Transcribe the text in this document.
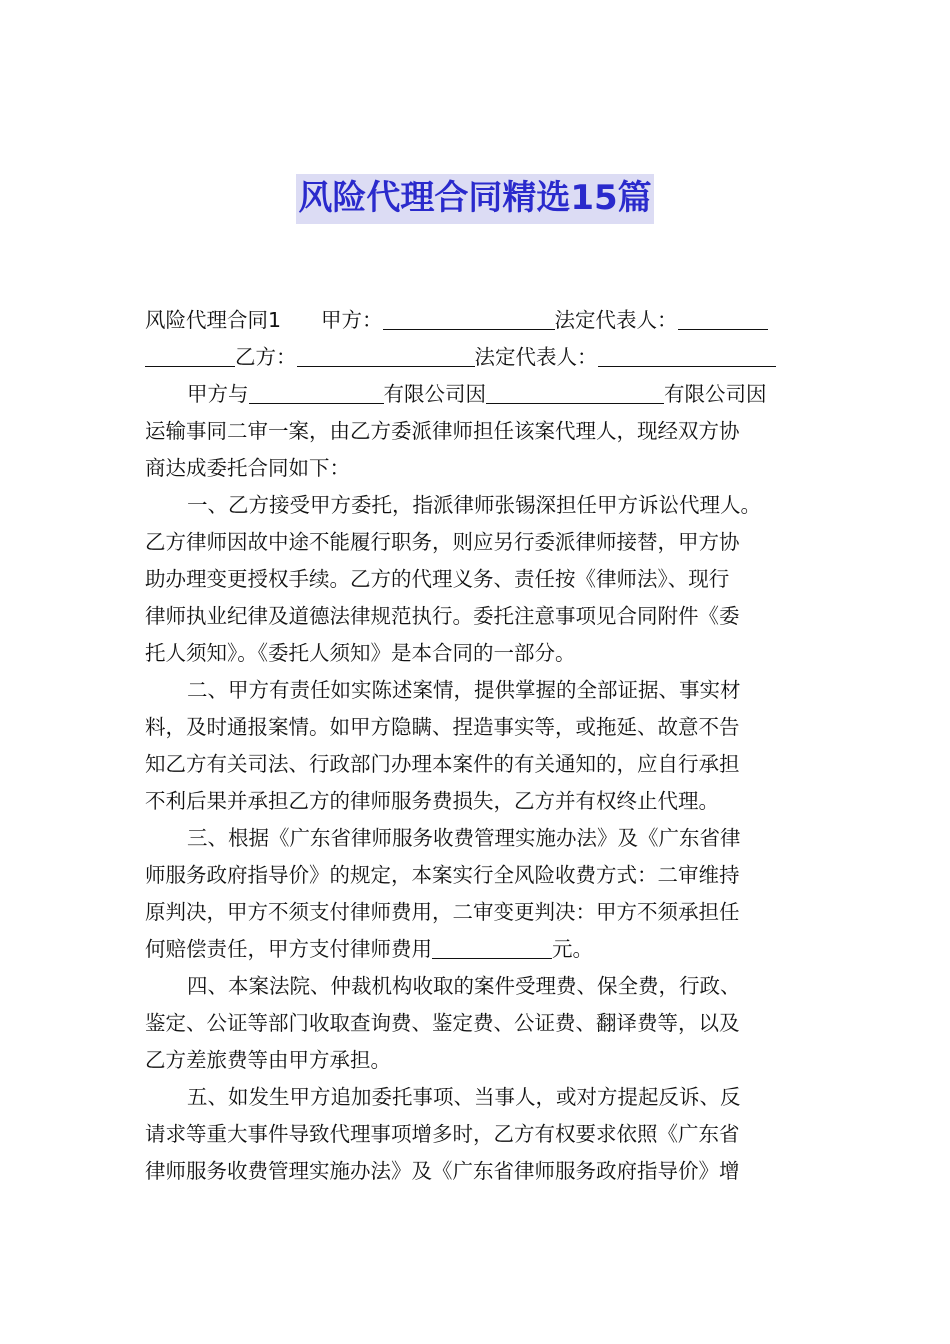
风险代理合同精选15篇
风险代理合同1 甲方：	法定代表人：
乙方：	法定代表人：
甲方与	有限公司因	有限公司因
运输事同二审一案，由乙方委派律师担任该案代理人，现经双方协
商达成委托合同如下：
一、乙方接受甲方委托，指派律师张锡深担任甲方诉讼代理人。
乙方律师因故中途不能履行职务，则应另行委派律师接替，甲方协
助办理变更授权手续。乙方的代理义务、责任按《律师法》、现行
律师执业纪律及道德法律规范执行。委托注意事项见合同附件《委
托人须知》。《委托人须知》是本合同的一部分。
二、甲方有责任如实陈述案情，提供掌握的全部证据、事实材
料，及时通报案情。如甲方隐瞒、捏造事实等，或拖延、故意不告
知乙方有关司法、行政部门办理本案件的有关通知的，应自行承担
不利后果并承担乙方的律师服务费损失，乙方并有权终止代理。
三、根据《广东省律师服务收费管理实施办法》及《广东省律
师服务政府指导价》的规定，本案实行全风险收费方式：二审维持
原判决，甲方不须支付律师费用，二审变更判决：甲方不须承担任
何赔偿责任，甲方支付律师费用	元。
四、本案法院、仲裁机构收取的案件受理费、保全费，行政、
鉴定、公证等部门收取查询费、鉴定费、公证费、翻译费等，以及
乙方差旅费等由甲方承担。
五、如发生甲方追加委托事项、当事人，或对方提起反诉、反
请求等重大事件导致代理事项增多时，乙方有权要求依照《广东省
律师服务收费管理实施办法》及《广东省律师服务政府指导价》增
